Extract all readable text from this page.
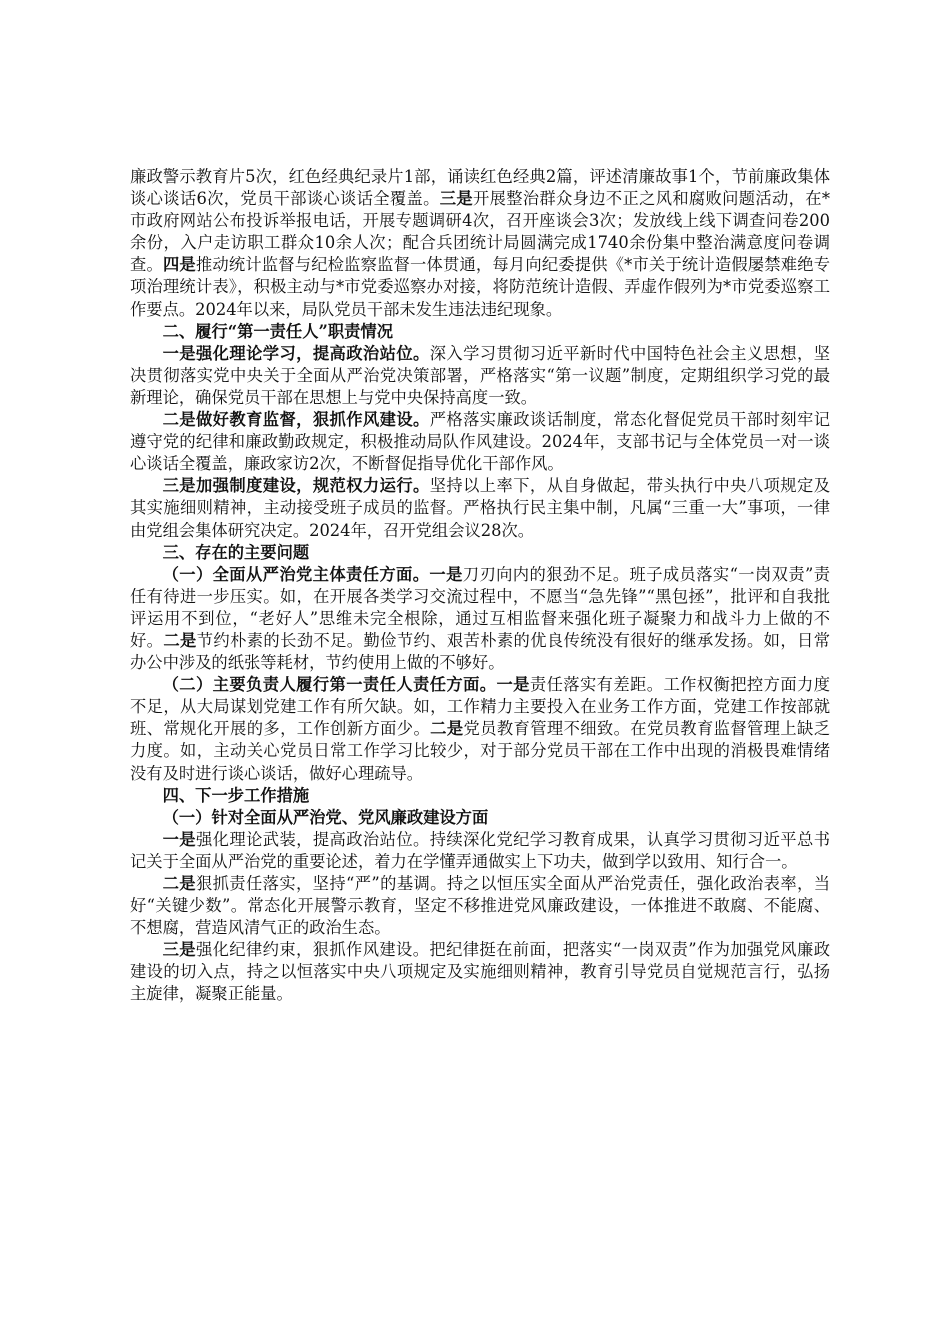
廉政警示教育片5次，红色经典纪录片1部，诵读红色经典2篇，评述清廉故事1个，节前廉政集体谈心谈话6次，党员干部谈心谈话全覆盖。三是开展整治群众身边不正之风和腐败问题活动，在*市政府网站公布投诉举报电话，开展专题调研4次，召开座谈会3次；发放线上线下调查问卷200余份，入户走访职工群众10余人次；配合兵团统计局圆满完成1740余份集中整治满意度问卷调查。四是推动统计监督与纪检监察监督一体贯通，每月向纪委提供《*市关于统计造假屡禁难绝专项治理统计表》，积极主动与*市党委巡察办对接，将防范统计造假、弄虚作假列为*市党委巡察工作要点。2024年以来，局队党员干部未发生违法违纪现象。

二、履行“第一责任人”职责情况

一是强化理论学习，提高政治站位。深入学习贯彻习近平新时代中国特色社会主义思想，坚决贯彻落实党中央关于全面从严治党决策部署，严格落实“第一议题”制度，定期组织学习党的最新理论，确保党员干部在思想上与党中央保持高度一致。

二是做好教育监督，狠抓作风建设。严格落实廉政谈话制度，常态化督促党员干部时刻牢记遵守党的纪律和廉政勤政规定，积极推动局队作风建设。2024年，支部书记与全体党员一对一谈心谈话全覆盖，廉政家访2次，不断督促指导优化干部作风。

三是加强制度建设，规范权力运行。坚持以上率下，从自身做起，带头执行中央八项规定及其实施细则精神，主动接受班子成员的监督。严格执行民主集中制，凡属“三重一大”事项，一律由党组会集体研究决定。2024年，召开党组会议28次。

三、存在的主要问题

（一）全面从严治党主体责任方面。一是刀刃向内的狠劲不足。班子成员落实“一岗双责”责任有待进一步压实。如，在开展各类学习交流过程中，不愿当“急先锋”“黑包拯”，批评和自我批评运用不到位，“老好人”思维未完全根除，通过互相监督来强化班子凝聚力和战斗力上做的不好。二是节约朴素的长劲不足。勤俭节约、艰苦朴素的优良传统没有很好的继承发扬。如，日常办公中涉及的纸张等耗材，节约使用上做的不够好。

（二）主要负责人履行第一责任人责任方面。一是责任落实有差距。工作权衡把控方面力度不足，从大局谋划党建工作有所欠缺。如，工作精力主要投入在业务工作方面，党建工作按部就班、常规化开展的多，工作创新方面少。二是党员教育管理不细致。在党员教育监督管理上缺乏力度。如，主动关心党员日常工作学习比较少，对于部分党员干部在工作中出现的消极畏难情绪没有及时进行谈心谈话，做好心理疏导。

四、下一步工作措施

（一）针对全面从严治党、党风廉政建设方面

一是强化理论武装，提高政治站位。持续深化党纪学习教育成果，认真学习贯彻习近平总书记关于全面从严治党的重要论述，着力在学懂弄通做实上下功夫，做到学以致用、知行合一。

二是狠抓责任落实，坚持“严”的基调。持之以恒压实全面从严治党责任，强化政治表率，当好“关键少数”。常态化开展警示教育，坚定不移推进党风廉政建设，一体推进不敢腐、不能腐、不想腐，营造风清气正的政治生态。

三是强化纪律约束，狠抓作风建设。把纪律挺在前面，把落实“一岗双责”作为加强党风廉政建设的切入点，持之以恒落实中央八项规定及实施细则精神，教育引导党员自觉规范言行，弘扬主旋律，凝聚正能量。
